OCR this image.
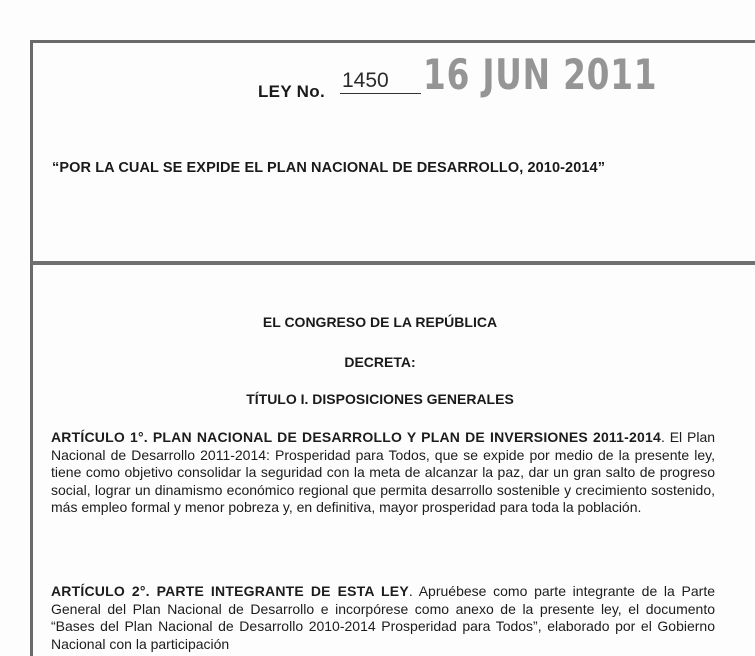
LEY No. 1450 16 JUN 2011
“POR LA CUAL SE EXPIDE EL PLAN NACIONAL DE DESARROLLO, 2010-2014”
EL CONGRESO DE LA REPÚBLICA
DECRETA:
TÍTULO I. DISPOSICIONES GENERALES
ARTÍCULO 1°. PLAN NACIONAL DE DESARROLLO Y PLAN DE INVERSIONES 2011-2014. El Plan Nacional de Desarrollo 2011-2014: Prosperidad para Todos, que se expide por medio de la presente ley, tiene como objetivo consolidar la seguridad con la meta de alcanzar la paz, dar un gran salto de progreso social, lograr un dinamismo económico regional que permita desarrollo sostenible y crecimiento sostenido, más empleo formal y menor pobreza y, en definitiva, mayor prosperidad para toda la población.
ARTÍCULO 2°. PARTE INTEGRANTE DE ESTA LEY. Apruébese como parte integrante de la Parte General del Plan Nacional de Desarrollo e incorpórese como anexo de la presente ley, el documento “Bases del Plan Nacional de Desarrollo 2010-2014 Prosperidad para Todos”, elaborado por el Gobierno Nacional con la participación
